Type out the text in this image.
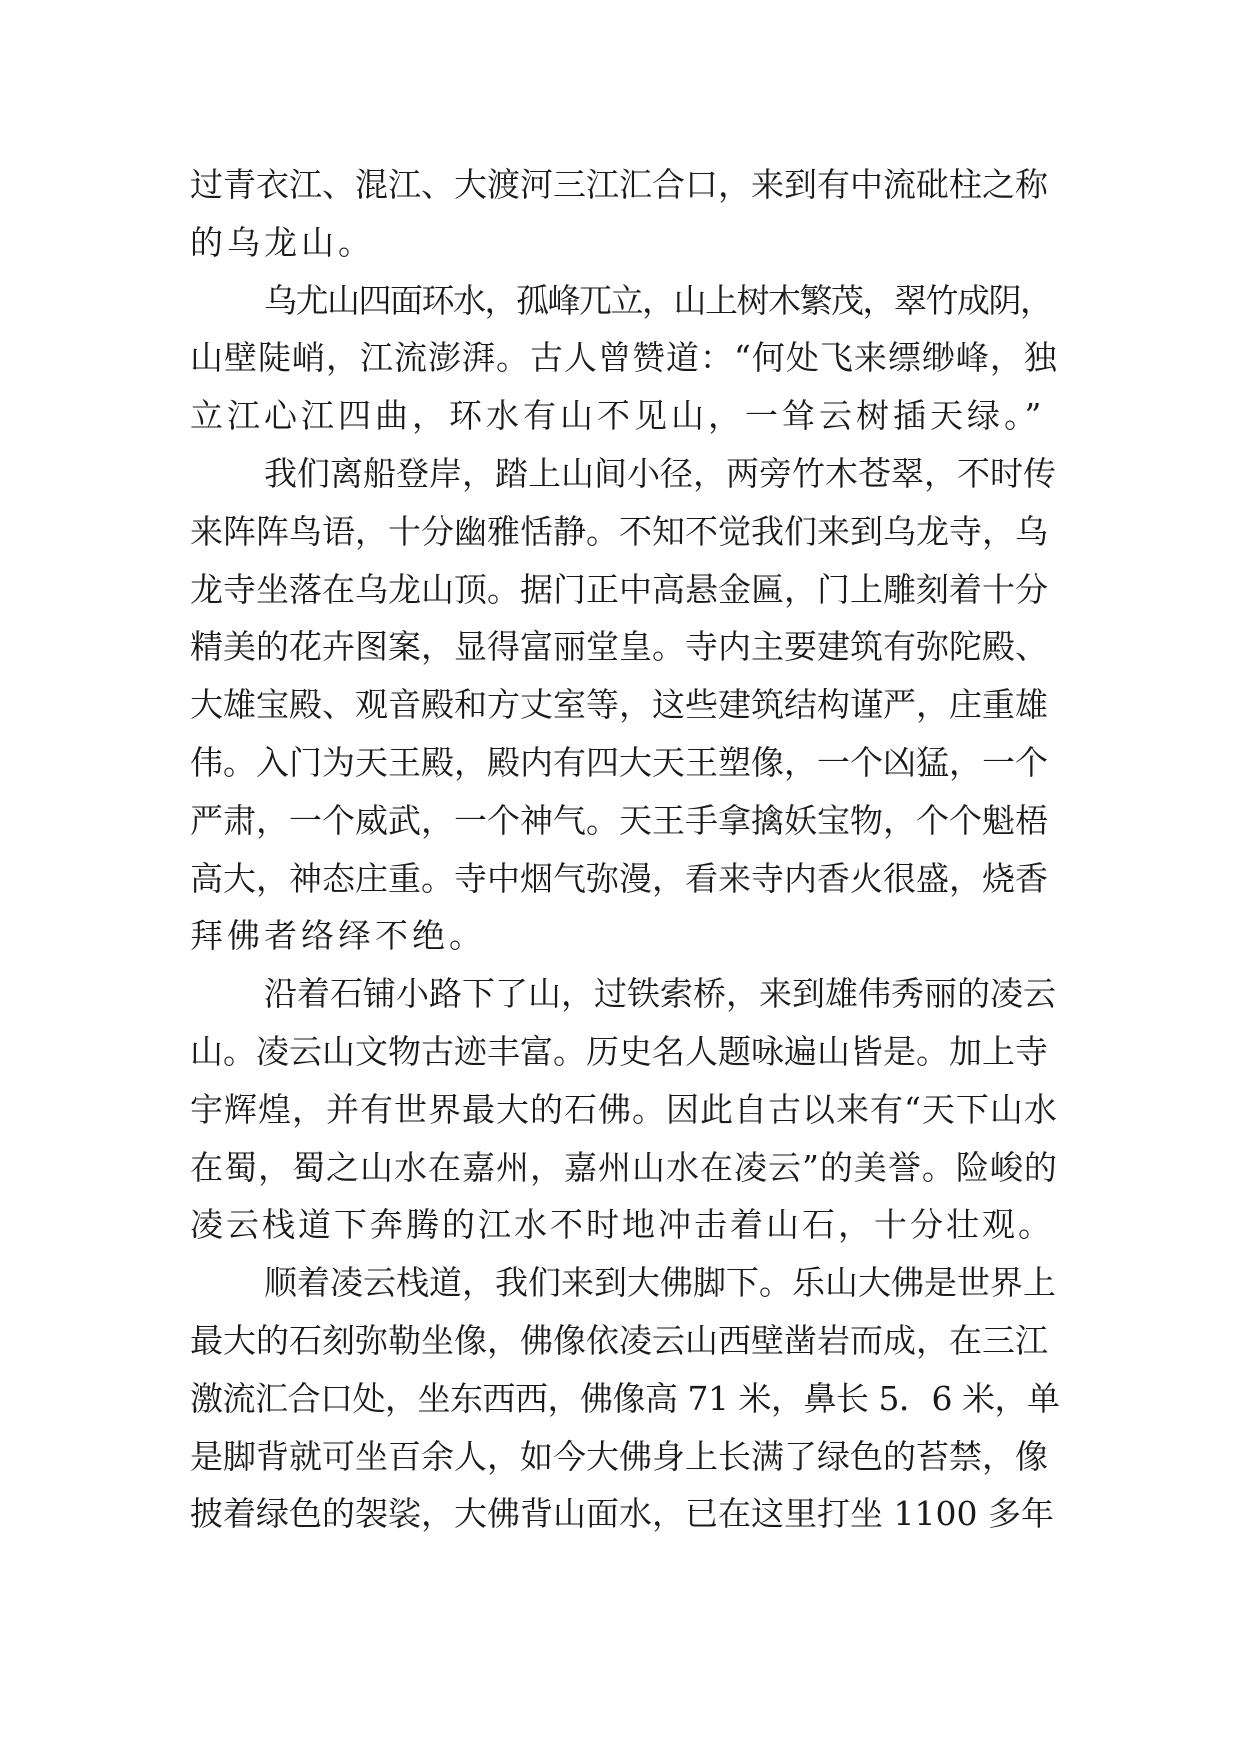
过青衣江、混江、大渡河三江汇合口，来到有中流砒柱之称
的乌龙山。
乌尤山四面环水，孤峰兀立，山上树木繁茂，翠竹成阴，
山壁陡峭，江流澎湃。古人曾赞道：“何处飞来缥缈峰，独
立江心江四曲，环水有山不见山，一耸云树插天绿。”
我们离船登岸，踏上山间小径，两旁竹木苍翠，不时传
来阵阵鸟语，十分幽雅恬静。不知不觉我们来到乌龙寺，乌
龙寺坐落在乌龙山顶。据门正中高悬金匾，门上雕刻着十分
精美的花卉图案，显得富丽堂皇。寺内主要建筑有弥陀殿、
大雄宝殿、观音殿和方丈室等，这些建筑结构谨严，庄重雄
伟。入门为天王殿，殿内有四大天王塑像，一个凶猛，一个
严肃，一个威武，一个神气。天王手拿擒妖宝物，个个魁梧
高大，神态庄重。寺中烟气弥漫，看来寺内香火很盛，烧香
拜佛者络绎不绝。
沿着石铺小路下了山，过铁索桥，来到雄伟秀丽的凌云
山。凌云山文物古迹丰富。历史名人题咏遍山皆是。加上寺
宇辉煌，并有世界最大的石佛。因此自古以来有“天下山水
在蜀，蜀之山水在嘉州，嘉州山水在凌云”的美誉。险峻的
凌云栈道下奔腾的江水不时地冲击着山石，十分壮观。
顺着凌云栈道，我们来到大佛脚下。乐山大佛是世界上
最大的石刻弥勒坐像，佛像依凌云山西壁凿岩而成，在三江
激流汇合口处，坐东西西，佛像高 71 米，鼻长 5．6 米，单
是脚背就可坐百余人，如今大佛身上长满了绿色的苔禁，像
披着绿色的袈裟，大佛背山面水，已在这里打坐 1100 多年
